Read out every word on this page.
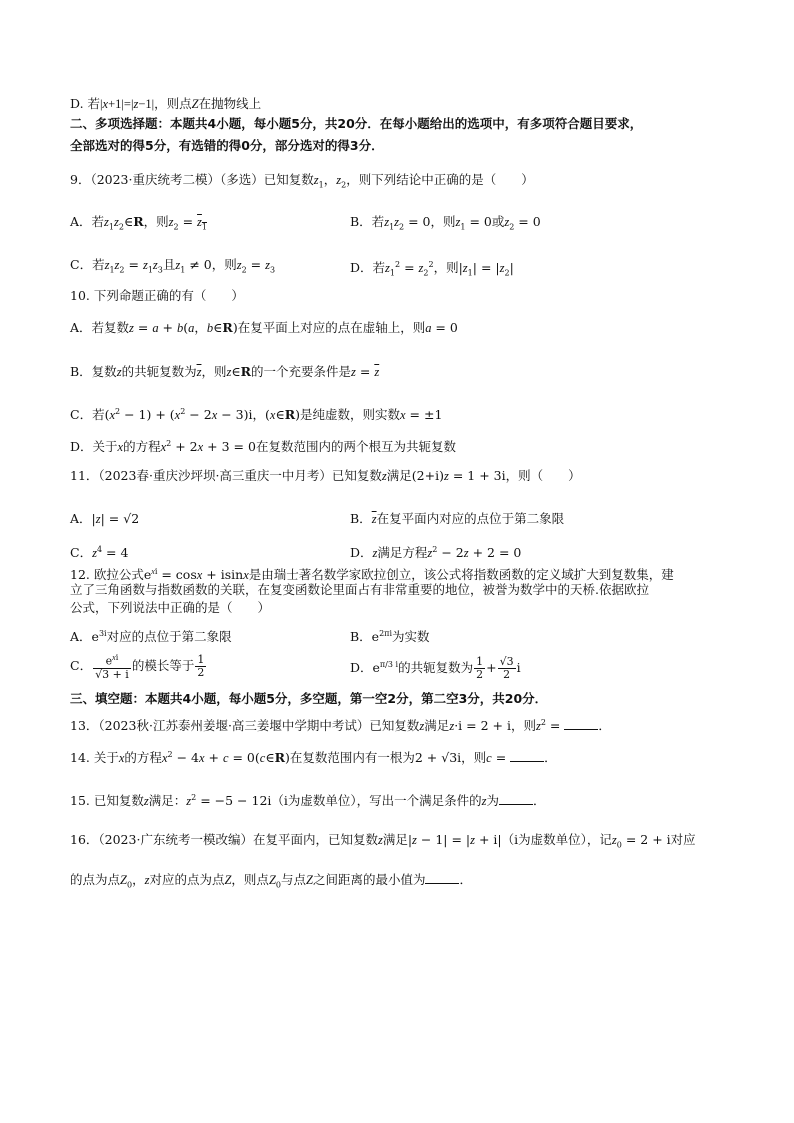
D. 若|x+1|=|z−1|，则点Z在抛物线上
二、多项选择题：本题共4小题，每小题5分，共20分．在每小题给出的选项中，有多项符合题目要求，
全部选对的得5分，有选错的得0分，部分选对的得3分．
9．（2023·重庆统考二模）（多选）已知复数$z_1$，$z_2$，则下列结论中正确的是（　　）
A．若$z_1z_2\in R$，则$z_2 = z_1$	B．若$z_1z_2 = 0$，则$z_1 = 0$或$z_2 = 0$
C．若$z_1z_2 = z_1z_3$且$z_1 \ne 0$，则$z_2 = z_3$	D．若$z_1^2 = z_2^2$，则$|z_1| = |z_2|$
10. 下列命题正确的有（　　）
A．若复数z = a + b(a，b∈R)在复平面上对应的点在虚轴上，则a = 0
B．复数z的共轭复数为$\overline{z}$，则z∈R的一个充要条件是$z = \overline{z}$
C．若$(x^2 - 1) + (x^2 - 2x - 3)i$，(x∈R)是纯虚数，则实数x = ±1
D．关于x的方程$x^2 + 2x + 3 = 0$在复数范围内的两个根互为共轭复数
11．（2023春·重庆沙坪坝·高三重庆一中月考）已知复数z满足(2+i)z = 1 + 3i，则（　　）
A．|z| = √2	B．$\overline{z}$在复平面内对应的点位于第二象限
C．$z^4 = 4$	D．z满足方程$z^2 - 2z + 2 = 0$
12. 欧拉公式$e^{xi} = \cos x + isinx$是由瑞士著名数学家欧拉创立，该公式将指数函数的定义域扩大到复数集，建
立了三角函数与指数函数的关联，在复变函数论里面占有非常重要的地位，被誉为数学中的天桥.依据欧拉
公式，下列说法中正确的是（　　）
A．$e^{3i}$对应的点位于第二象限	B．$e^{2\pi i}$为实数
C． $\frac{e^{xi}}{√3 + i}$ 的模长等于 $\frac{1}{2}$	D．$e^{\pi/3 i}$的共轭复数为 $\frac{1}{2} + \frac{√3}{2}$ i
三、填空题：本题共4小题，每小题5分，多空题，第一空2分，第二空3分，共20分．
13．（2023秋·江苏泰州姜堰·高三姜堰中学期中考试）已知复数z满足z·i = 2 + i，则$z^2$ =	．
14. 关于x的方程$x^2 - 4x + c$ = 0(c∈R)在复数范围内有一根为2 + √3i，则c =	．
15. 已知复数z满足：$z^2 = -5 - 12i(i$为虚数单位），写出一个满足条件的z为	．
16．（2023·广东统考一模改编）在复平面内，已知复数z满足|z − 1| = |z + i|（i为虚数单位），记$z_0 = 2 + i$对应
的点为点$Z_0$，z对应的点为点Z，则点$Z_0$与点Z之间距离的最小值为	．
